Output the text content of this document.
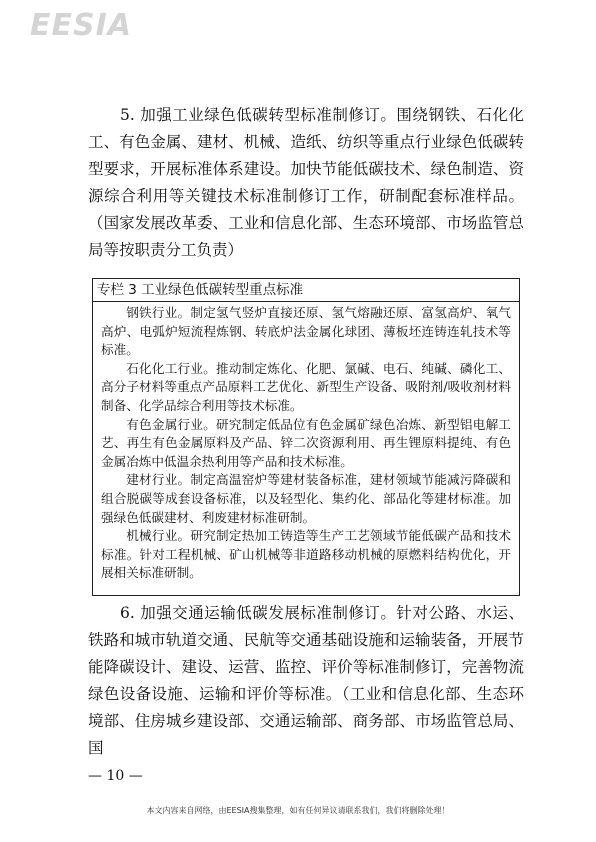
EESIA

5. 加强工业绿色低碳转型标准制修订。围绕钢铁、石化化工、有色金属、建材、机械、造纸、纺织等重点行业绿色低碳转型要求，开展标准体系建设。加快节能低碳技术、绿色制造、资源综合利用等关键技术标准制修订工作，研制配套标准样品。（国家发展改革委、工业和信息化部、生态环境部、市场监管总局等按职责分工负责）

专栏 3 工业绿色低碳转型重点标准

钢铁行业。制定氢气竖炉直接还原、氢气熔融还原、富氢高炉、氧气高炉、电弧炉短流程炼钢、转底炉法金属化球团、薄板坯连铸连轧技术等标准。

石化化工行业。推动制定炼化、化肥、氯碱、电石、纯碱、磷化工、高分子材料等重点产品原料工艺优化、新型生产设备、吸附剂/吸收剂材料制备、化学品综合利用等技术标准。

有色金属行业。研究制定低品位有色金属矿绿色冶炼、新型铝电解工艺、再生有色金属原料及产品、锌二次资源利用、再生锂原料提纯、有色金属冶炼中低温余热利用等产品和技术标准。

建材行业。制定高温窑炉等建材装备标准，建材领域节能减污降碳和组合脱碳等成套设备标准，以及轻型化、集约化、部品化等建材标准。加强绿色低碳建材、利废建材标准研制。

机械行业。研究制定热加工铸造等生产工艺领域节能低碳产品和技术标准。针对工程机械、矿山机械等非道路移动机械的原燃料结构优化，开展相关标准研制。

6. 加强交通运输低碳发展标准制修订。针对公路、水运、铁路和城市轨道交通、民航等交通基础设施和运输装备，开展节能降碳设计、建设、运营、监控、评价等标准制修订，完善物流绿色设备设施、运输和评价等标准。（工业和信息化部、生态环境部、住房城乡建设部、交通运输部、商务部、市场监管总局、国

— 10 —
本文内容来自网络，由EESIA搜集整理，如有任何异议请联系我们，我们将删除处理！
